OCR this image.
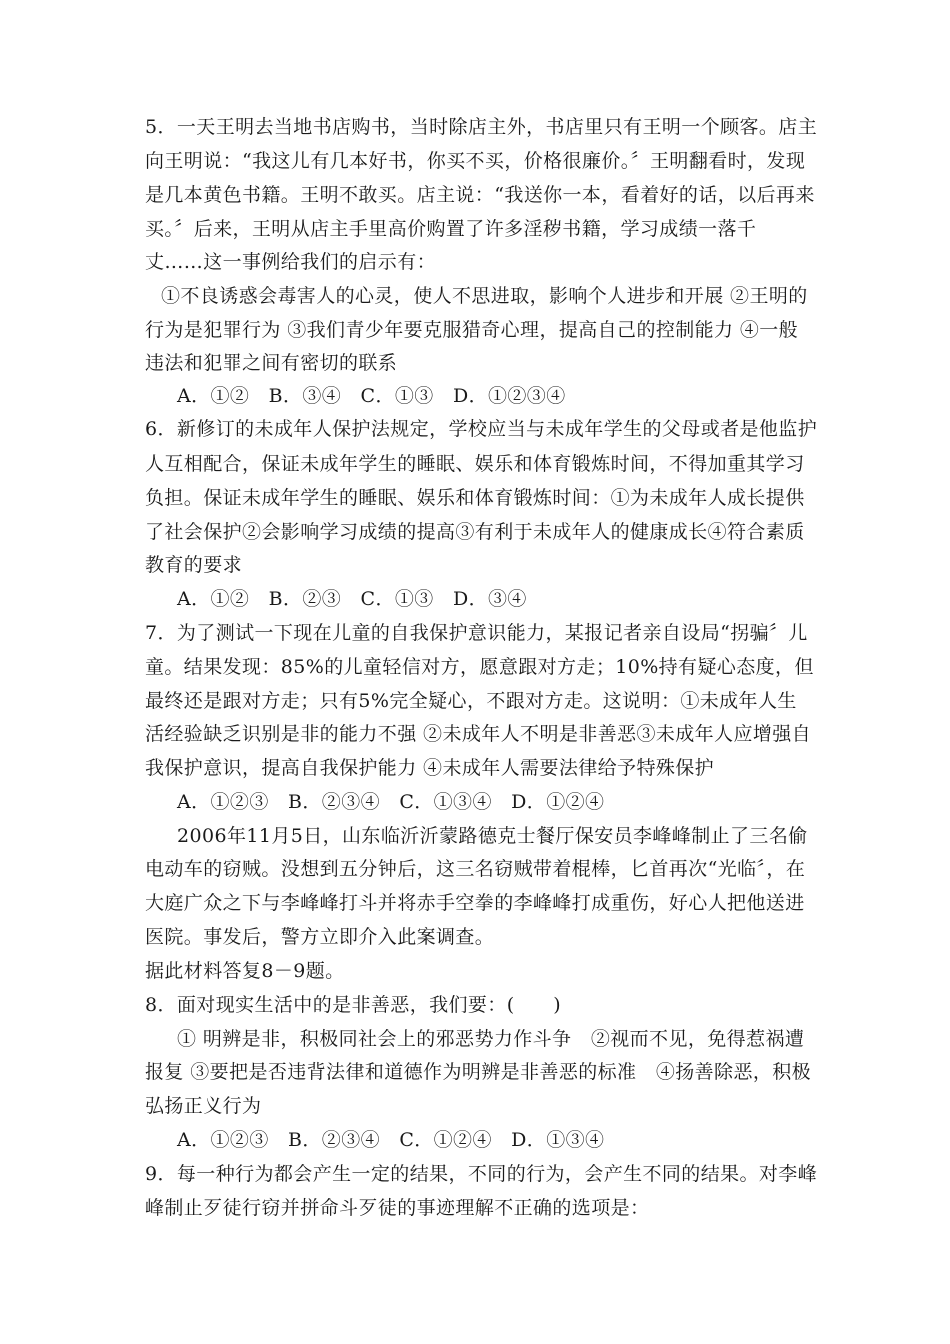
5．一天王明去当地书店购书，当时除店主外，书店里只有王明一个顾客。店主
向王明说：“我这儿有几本好书，你买不买，价格很廉价。〞王明翻看时，发现
是几本黄色书籍。王明不敢买。店主说：“我送你一本，看着好的话，以后再来
买。〞后来，王明从店主手里高价购置了许多淫秽书籍，学习成绩一落千
丈……这一事例给我们的启示有：
①不良诱惑会毒害人的心灵，使人不思进取，影响个人进步和开展 ②王明的
行为是犯罪行为 ③我们青少年要克服猎奇心理，提高自己的控制能力 ④一般
违法和犯罪之间有密切的联系
A．①②   B．③④   C．①③   D．①②③④
6．新修订的未成年人保护法规定，学校应当与未成年学生的父母或者是他监护
人互相配合，保证未成年学生的睡眠、娱乐和体育锻炼时间，不得加重其学习
负担。保证未成年学生的睡眠、娱乐和体育锻炼时间：①为未成年人成长提供
了社会保护②会影响学习成绩的提高③有利于未成年人的健康成长④符合素质
教育的要求
A．①②   B．②③   C．①③   D．③④
7．为了测试一下现在儿童的自我保护意识能力，某报记者亲自设局“拐骗〞儿
童。结果发现：85%的儿童轻信对方，愿意跟对方走；10%持有疑心态度，但
最终还是跟对方走；只有5%完全疑心，不跟对方走。这说明：①未成年人生
活经验缺乏识别是非的能力不强 ②未成年人不明是非善恶③未成年人应增强自
我保护意识，提高自我保护能力 ④未成年人需要法律给予特殊保护
A．①②③   B．②③④   C．①③④   D．①②④
2006年11月5日，山东临沂沂蒙路德克士餐厅保安员李峰峰制止了三名偷
电动车的窃贼。没想到五分钟后，这三名窃贼带着棍棒，匕首再次“光临〞，在
大庭广众之下与李峰峰打斗并将赤手空拳的李峰峰打成重伤，好心人把他送进
医院。事发后，警方立即介入此案调查。
据此材料答复8－9题。
8．面对现实生活中的是非善恶，我们要：(　　)
① 明辨是非，积极同社会上的邪恶势力作斗争　②视而不见，免得惹祸遭
报复 ③要把是否违背法律和道德作为明辨是非善恶的标准　④扬善除恶，积极
弘扬正义行为
A．①②③   B．②③④   C．①②④   D．①③④
9．每一种行为都会产生一定的结果，不同的行为，会产生不同的结果。对李峰
峰制止歹徒行窃并拼命斗歹徒的事迹理解不正确的选项是：
